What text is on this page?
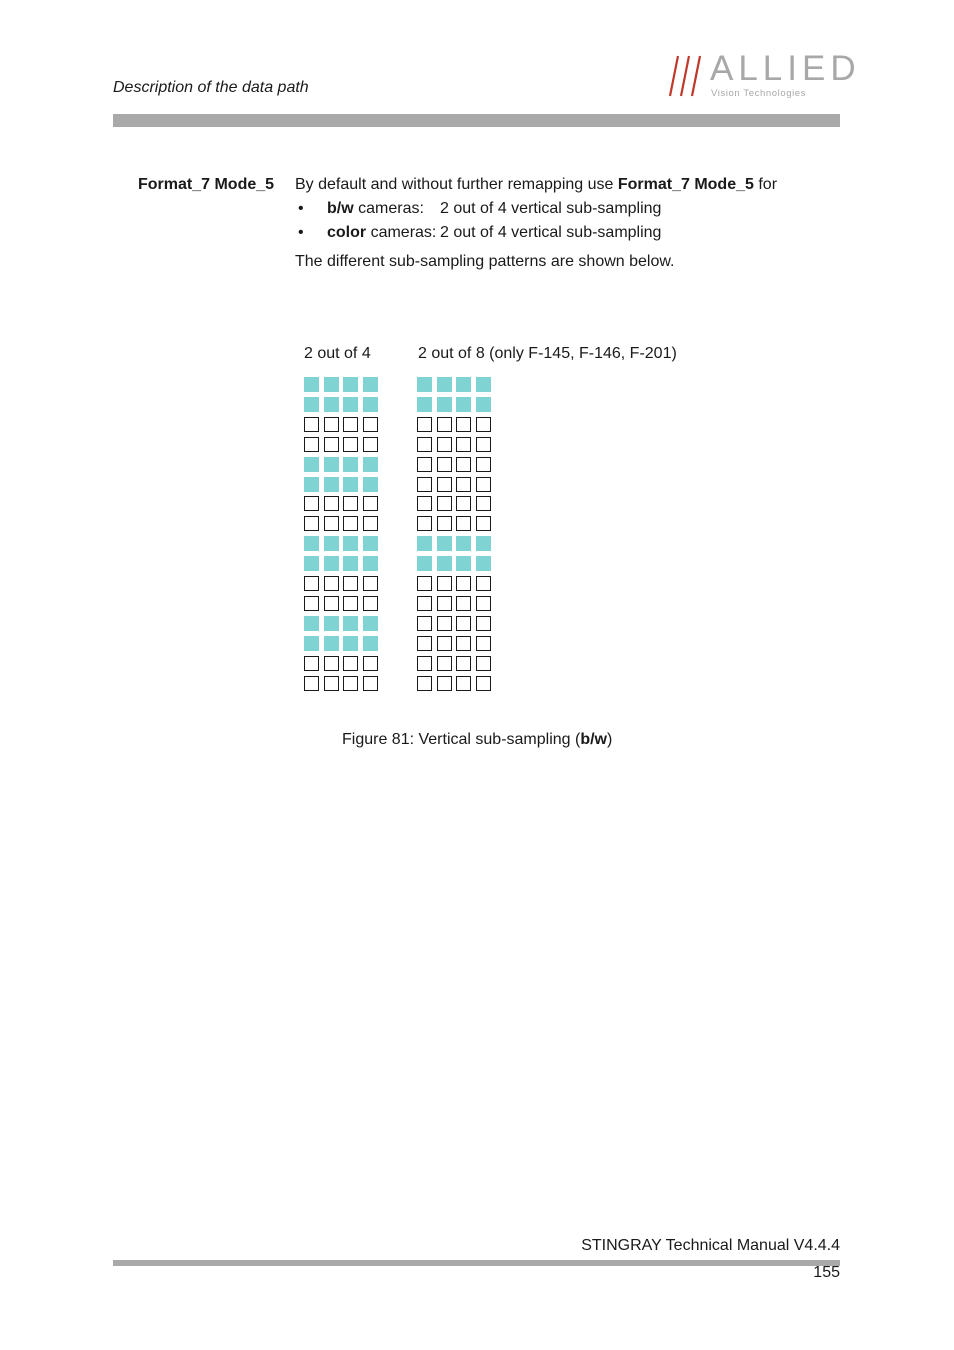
Description of the data path	ALLIED
Vision Technologies
Format_7 Mode_5 By default and without further remapping use Format_7 Mode_5 for
• b/w cameras: 2 out of 4 vertical sub-sampling
• color cameras: 2 out of 4 vertical sub-sampling
The different sub-sampling patterns are shown below.
2 out of 4	2 out of 8 (only F-145, F-146, F-201)
Figure 81: Vertical sub-sampling (b/w)
STINGRAY Technical Manual V4.4.4
155
